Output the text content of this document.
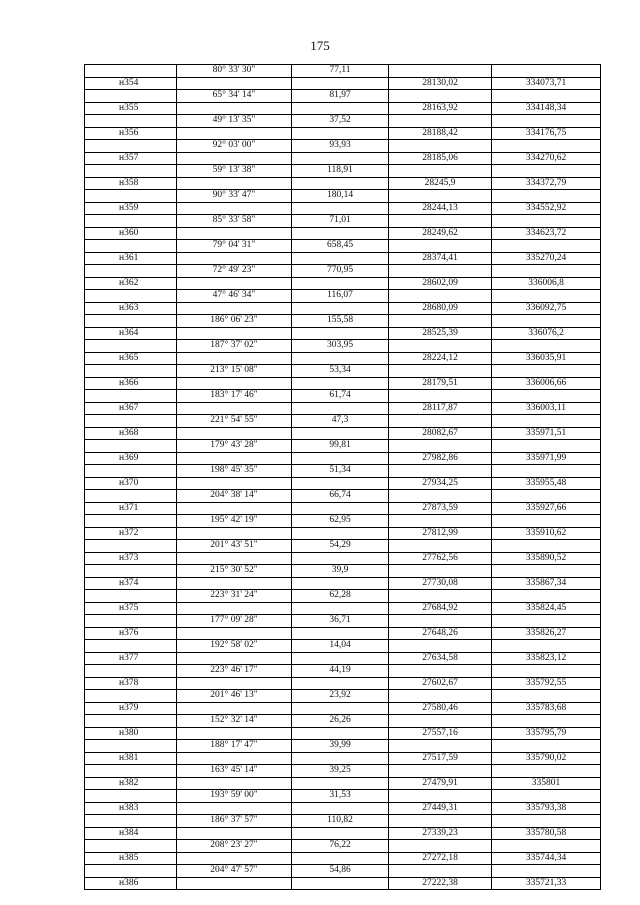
175
	80° 33' 30"	77,11		
н354			28130,02	334073,71
	65° 34' 14"	81,97		
н355			28163,92	334148,34
	49° 13' 35"	37,52		
н356			28188,42	334176,75
	92° 03' 00"	93,93		
н357			28185,06	334270,62
	59° 13' 38"	118,91		
н358			28245,9	334372,79
	90° 33' 47"	180,14		
н359			28244,13	334552,92
	85° 33' 58"	71,01		
н360			28249,62	334623,72
	79° 04' 31"	658,45		
н361			28374,41	335270,24
	72° 49' 23"	770,95		
н362			28602,09	336006,8
	47° 46' 34"	116,07		
н363			28680,09	336092,75
	186° 06' 23"	155,58		
н364			28525,39	336076,2
	187° 37' 02"	303,95		
н365			28224,12	336035,91
	213° 15' 08"	53,34		
н366			28179,51	336006,66
	183° 17' 46"	61,74		
н367			28117,87	336003,11
	221° 54' 55"	47,3		
н368			28082,67	335971,51
	179° 43' 28"	99,81		
н369			27982,86	335971,99
	198° 45' 35"	51,34		
н370			27934,25	335955,48
	204° 38' 14"	66,74		
н371			27873,59	335927,66
	195° 42' 19"	62,95		
н372			27812,99	335910,62
	201° 43' 51"	54,29		
н373			27762,56	335890,52
	215° 30' 52"	39,9		
н374			27730,08	335867,34
	223° 31' 24"	62,28		
н375			27684,92	335824,45
	177° 09' 28"	36,71		
н376			27648,26	335826,27
	192° 58' 02"	14,04		
н377			27634,58	335823,12
	223° 46' 17"	44,19		
н378			27602,67	335792,55
	201° 46' 13"	23,92		
н379			27580,46	335783,68
	152° 32' 14"	26,26		
н380			27557,16	335795,79
	188° 17' 47"	39,99		
н381			27517,59	335790,02
	163° 45' 14"	39,25		
н382			27479,91	335801
	193° 59' 00"	31,53		
н383			27449,31	335793,38
	186° 37' 57"	110,82		
н384			27339,23	335780,58
	208° 23' 27"	76,22		
н385			27272,18	335744,34
	204° 47' 57"	54,86		
н386			27222,38	335721,33
